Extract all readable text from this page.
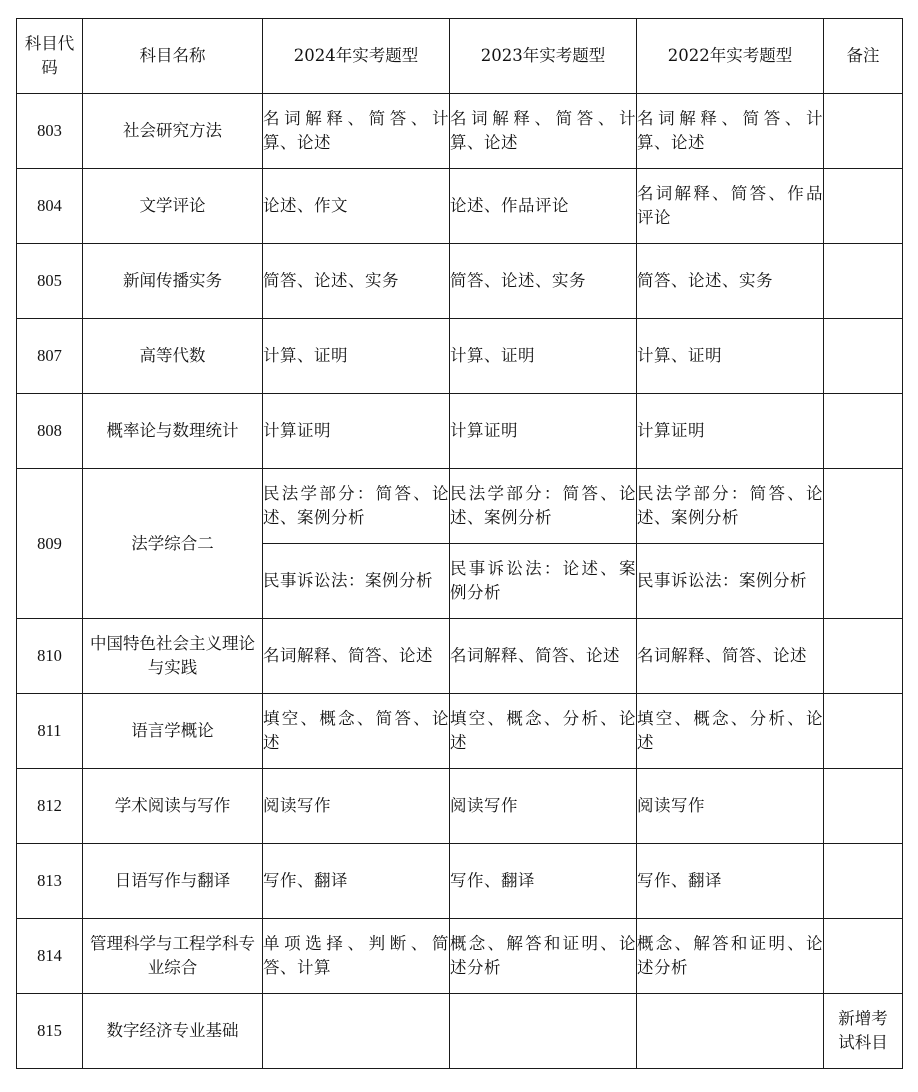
科目代码	科目名称	2024年实考题型	2023年实考题型	2022年实考题型	备注
803	社会研究方法	名词解释、简答、计算、论述	名词解释、简答、计算、论述	名词解释、简答、计算、论述	
804	文学评论	论述、作文	论述、作品评论	名词解释、简答、作品评论	
805	新闻传播实务	简答、论述、实务	简答、论述、实务	简答、论述、实务	
807	高等代数	计算、证明	计算、证明	计算、证明	
808	概率论与数理统计	计算证明	计算证明	计算证明	
809	法学综合二	民法学部分：简答、论述、案例分析	民法学部分：简答、论述、案例分析	民法学部分：简答、论述、案例分析	
		民事诉讼法：案例分析	民事诉讼法：论述、案例分析	民事诉讼法：案例分析	
810	中国特色社会主义理论与实践	名词解释、简答、论述	名词解释、简答、论述	名词解释、简答、论述	
811	语言学概论	填空、概念、简答、论述	填空、概念、分析、论述	填空、概念、分析、论述	
812	学术阅读与写作	阅读写作	阅读写作	阅读写作	
813	日语写作与翻译	写作、翻译	写作、翻译	写作、翻译	
814	管理科学与工程学科专业综合	单项选择、判断、简答、计算	概念、解答和证明、论述分析	概念、解答和证明、论述分析	
815	数字经济专业基础				新增考试科目
